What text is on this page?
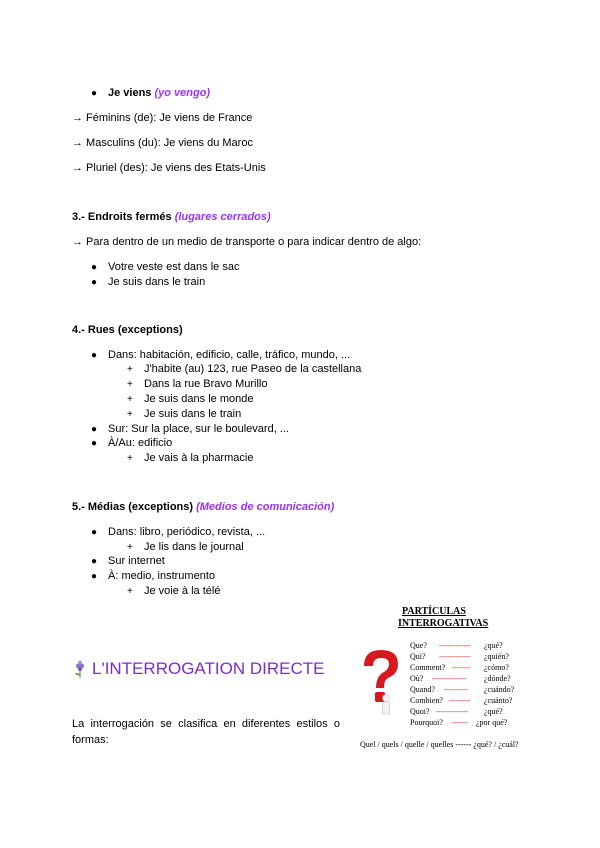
● Je viens (yo vengo)
→ Féminins (de): Je viens de France
→ Masculins (du): Je viens du Maroc
→ Pluriel (des): Je viens des Etats-Unis
3.- Endroits fermés (lugares cerrados)
→ Para dentro de un medio de transporte o para indicar dentro de algo:
● Votre veste est dans le sac
● Je suis dans le train
4.- Rues (exceptions)
● Dans: habitación, edificio, calle, tráfico, mundo, ...
+ J'habite (au) 123, rue Paseo de la castellana
+ Dans la rue Bravo Murillo
+ Je suis dans le monde
+ Je suis dans le train
● Sur: Sur la place, sur le boulevard, ...
● À/Au: edificio
+ Je vais à la pharmacie
5.- Médias (exceptions) (Medios de comunicación)
● Dans: libro, periódico, revista, ...
+ Je lis dans le journal
● Sur internet
● À: medio, instrumento
+ Je voie à la télé
L'INTERROGATION DIRECTE
La interrogación se clasifica en diferentes estilos o formas:
PARTÍCULAS
INTERROGATIVAS
Que? ------------ ¿qué?
Qui? ------------ ¿quién?
Comment? ------- ¿cómo?
Où? ------------- ¿dónde?
Quand? --------- ¿cuándo?
Combien? -------- ¿cuánto?
Quoi? ------------ ¿qué?
Pourquoi? ------ ¿por qué?
Quel / quels / quelle / quelles ------ ¿qué? / ¿cuál?
